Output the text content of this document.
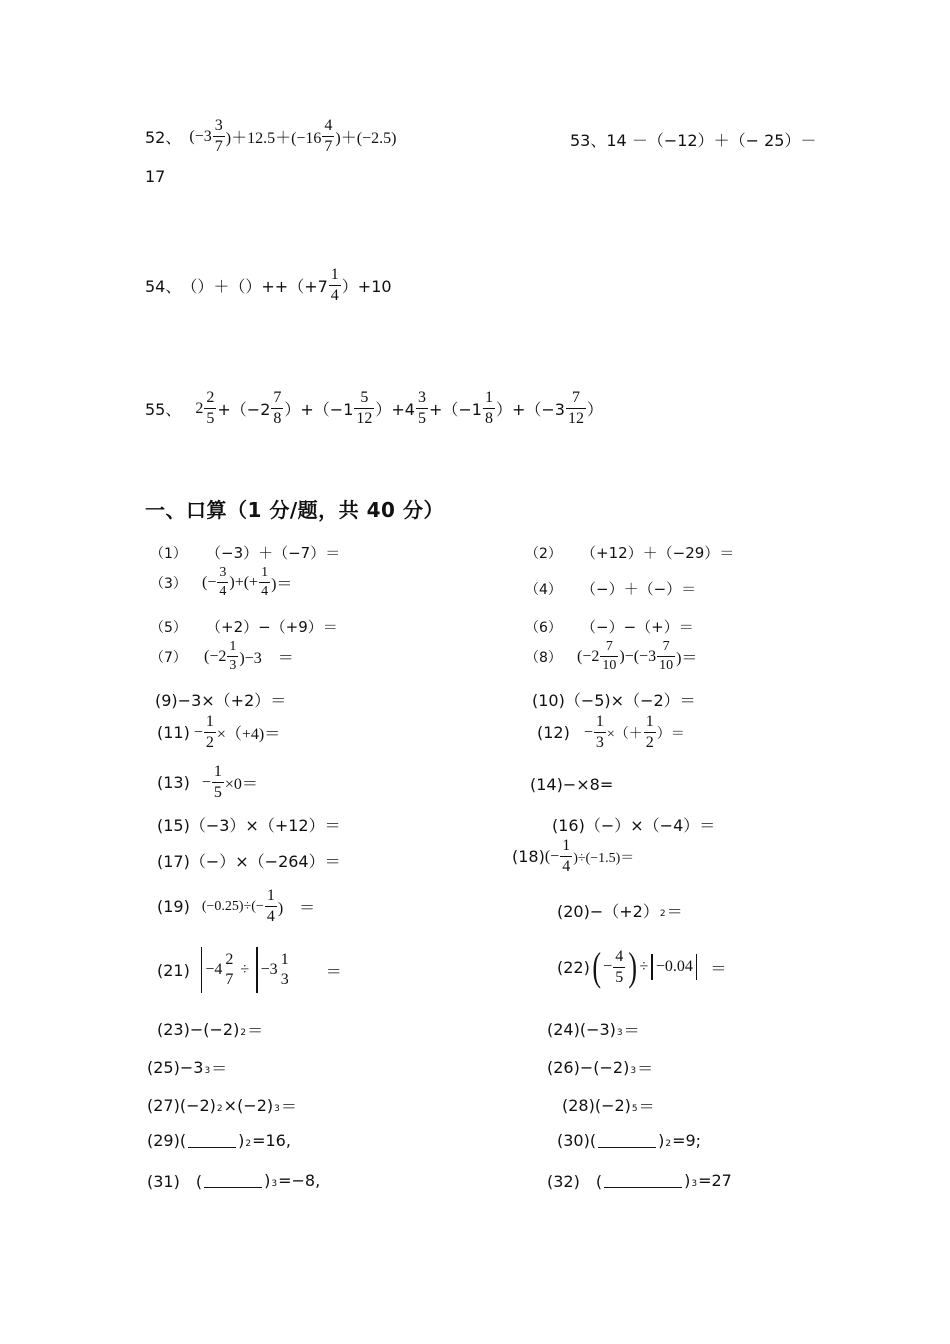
52、 $(-3 \frac{3}{7} )+12.5+(-16 \frac{4}{7} )+(-2.5)$	53、 14 －（−12）＋（− 25）－
17
54、 $()+()++(+7 \frac{1}{4} )+10$
55、 $2 \frac{2}{5} +(-2 \frac{7}{8} )+(-1 \frac{5}{12} )+4 \frac{3}{5} +(-1 \frac{1}{8} )+(-3 \frac{7}{12}$ ）
一、口算（1 分/题，共 40 分）
（1）	（−3）＋（−7）＝	（2）	（+12）＋（−29）＝
（3） (− $\frac{3}{4}$ )+(+ $\frac{1}{4}$ )＝	（4）	（−）＋（−）＝
（5）	（+2）−（+9）＝	（6）	（−）−（+）＝
（7）	$(-2 \frac{1}{3} )-3$　＝	（8） $(-2 \frac{7}{10} )-(-3 \frac{7}{10}$ )＝
(9)−3×（+2）＝	(10)（−5)×（−2）＝
$(11) - \frac{1}{2} \times(+4)=$	$(12) - \frac{1}{3}$ ×（＋ $\frac{1}{2}$ ）＝
$(13) - \frac{1}{5} \times 0=$	(14)−×8=
(15)（−3）×（+12）＝	(16)（−）×（−4）＝
(17)（−）×（−264）＝	(18) (− $\frac{1}{4} )\div(-1.5)=$
(19) $(-0.25)\div(- \frac{1}{4}$ )　＝	(20)−（+2） 2 ＝
(21) −4
2
7
÷ −3
1
3 ＝	(22) ( − $\frac{4}{5}$ ) ÷ −0.04 ＝
(23)−(−2) 2 ＝	(24)(−3) 3 ＝
(25)−3 3 ＝	(26)−(−2) 3 ＝
(27)(−2) 2 ×(−2) 3 ＝	(28)(−2) 5 ＝
(29)(	) 2 =16,	(30)(	) 2 =9;
(31)　(	) 3 =−8,	(32)　(	) 3 =27
